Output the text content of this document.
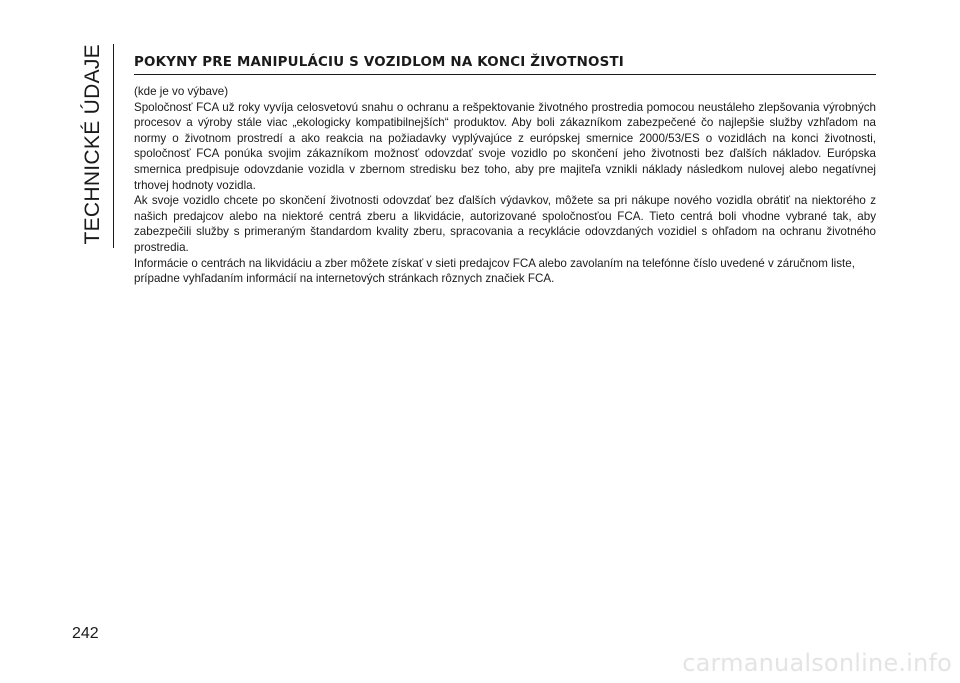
TECHNICKÉ ÚDAJE	POKYNY PRE MANIPULÁCIU S VOZIDLOM NA KONCI ŽIVOTNOSTI

(kde je vo výbave)

Spoločnosť FCA už roky vyvíja celosvetovú snahu o ochranu a rešpektovanie životného prostredia pomocou neustáleho zlepšovania výrobných procesov a výroby stále viac „ekologicky kompatibilnejších“ produktov. Aby boli zákazníkom zabezpečené čo najlepšie služby vzhľadom na normy o životnom prostredí a ako reakcia na požiadavky vyplývajúce z európskej smernice 2000/53/ES o vozidlách na konci životnosti, spoločnosť FCA ponúka svojim zákazníkom možnosť odovzdať svoje vozidlo po skončení jeho životnosti bez ďalších nákladov. Európska smernica predpisuje odovzdanie vozidla v zbernom stredisku bez toho, aby pre majiteľa vznikli náklady následkom nulovej alebo negatívnej trhovej hodnoty vozidla.

Ak svoje vozidlo chcete po skončení životnosti odovzdať bez ďalších výdavkov, môžete sa pri nákupe nového vozidla obrátiť na niektorého z našich predajcov alebo na niektoré centrá zberu a likvidácie, autorizované spoločnosťou FCA. Tieto centrá boli vhodne vybrané tak, aby zabezpečili služby s primeraným štandardom kvality zberu, spracovania a recyklácie odovzdaných vozidiel s ohľadom na ochranu životného prostredia.

Informácie o centrách na likvidáciu a zber môžete získať v sieti predajcov FCA alebo zavolaním na telefónne číslo uvedené v záručnom liste, prípadne vyhľadaním informácií na internetových stránkach rôznych značiek FCA.

242
carmanualsonline.info
